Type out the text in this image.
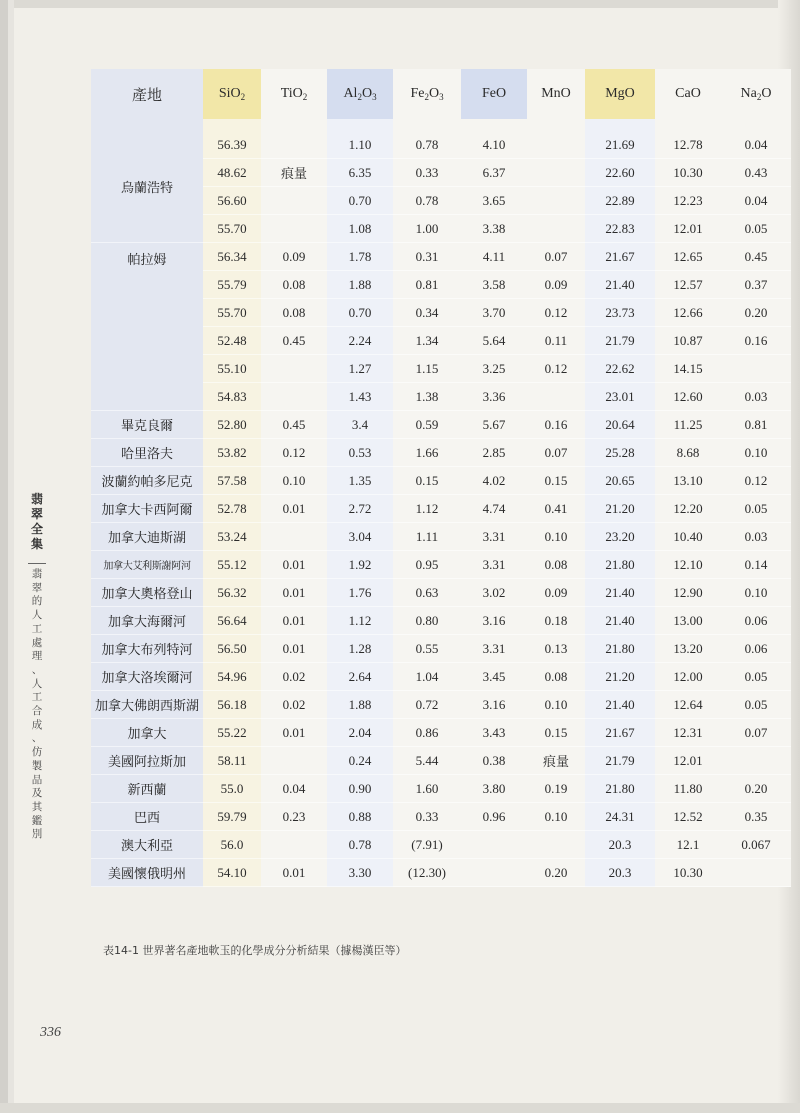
翡
翠
全
集
翡
翠
的
人
工
處
理
、
人
工
合
成
、
仿
製
品
及
其
鑑
別
產地	SiO$_2$	TiO$_2$	$Al_2O_3$	$Fe_2O_3$	FeO	MnO	MgO	CaO	$Na_2O$

烏蘭浩特	56.39		1.10	0.78	4.10		21.69	12.78	0.04
	48.62	痕量	6.35	0.33	6.37		22.60	10.30	0.43
	56.60		0.70	0.78	3.65		22.89	12.23	0.04
	55.70		1.08	1.00	3.38		22.83	12.01	0.05
帕拉姆	56.34	0.09	1.78	0.31	4.11	0.07	21.67	12.65	0.45
	55.79	0.08	1.88	0.81	3.58	0.09	21.40	12.57	0.37
	55.70	0.08	0.70	0.34	3.70	0.12	23.73	12.66	0.20
	52.48	0.45	2.24	1.34	5.64	0.11	21.79	10.87	0.16
	55.10		1.27	1.15	3.25	0.12	22.62	14.15	
	54.83		1.43	1.38	3.36		23.01	12.60	0.03
畢克良爾	52.80	0.45	3.4	0.59	5.67	0.16	20.64	11.25	0.81
哈里洛夫	53.82	0.12	0.53	1.66	2.85	0.07	25.28	8.68	0.10
波蘭約帕多尼克	57.58	0.10	1.35	0.15	4.02	0.15	20.65	13.10	0.12
加拿大卡西阿爾	52.78	0.01	2.72	1.12	4.74	0.41	21.20	12.20	0.05
加拿大迪斯湖	53.24		3.04	1.11	3.31	0.10	23.20	10.40	0.03
加拿大艾利斯謝阿河	55.12	0.01	1.92	0.95	3.31	0.08	21.80	12.10	0.14
加拿大奧格登山	56.32	0.01	1.76	0.63	3.02	0.09	21.40	12.90	0.10
加拿大海爾河	56.64	0.01	1.12	0.80	3.16	0.18	21.40	13.00	0.06
加拿大布列特河	56.50	0.01	1.28	0.55	3.31	0.13	21.80	13.20	0.06
加拿大洛埃爾河	54.96	0.02	2.64	1.04	3.45	0.08	21.20	12.00	0.05
加拿大佛朗西斯湖	56.18	0.02	1.88	0.72	3.16	0.10	21.40	12.64	0.05
加拿大	55.22	0.01	2.04	0.86	3.43	0.15	21.67	12.31	0.07
美國阿拉斯加	58.11		0.24	5.44	0.38	痕量	21.79	12.01	
新西蘭	55.0	0.04	0.90	1.60	3.80	0.19	21.80	11.80	0.20
巴西	59.79	0.23	0.88	0.33	0.96	0.10	24.31	12.52	0.35
澳大利亞	56.0		0.78	(7.91)			20.3	12.1	0.067
美國懷俄明州	54.10	0.01	3.30	(12.30)		0.20	20.3	10.30	
表14-1 世界著名產地軟玉的化學成分分析結果（據楊漢臣等）
336
